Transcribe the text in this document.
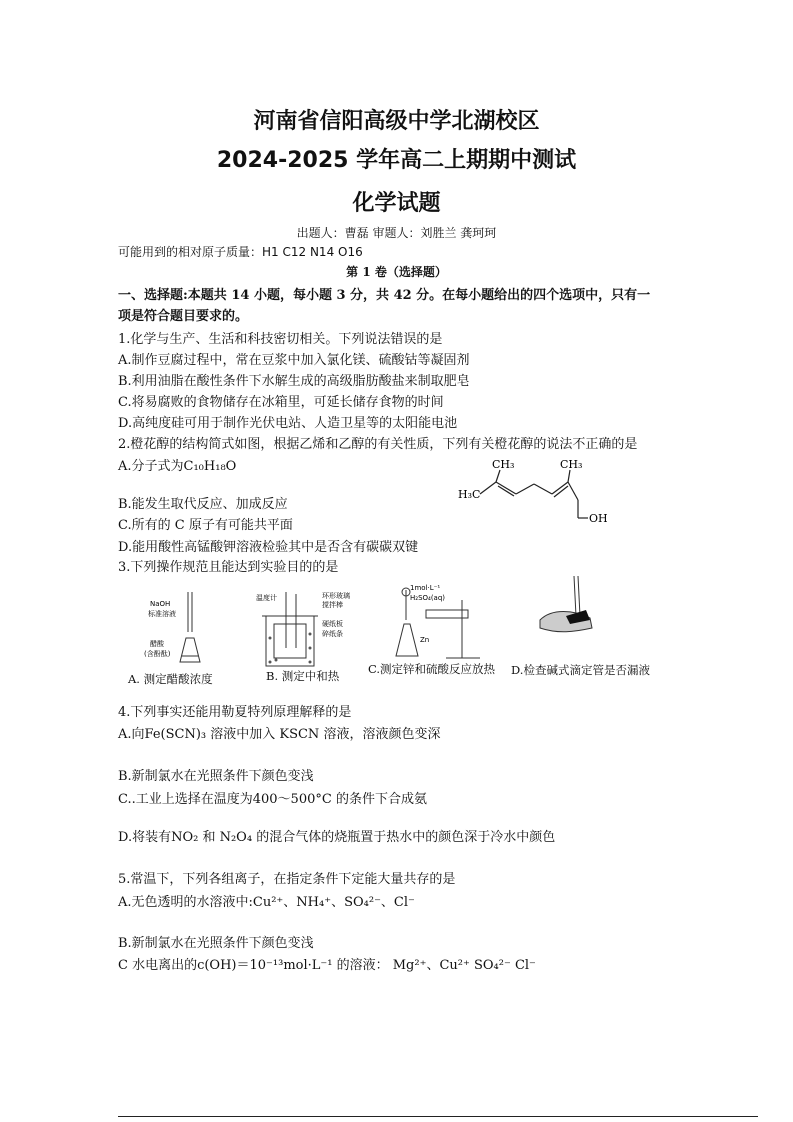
河南省信阳高级中学北湖校区
2024-2025 学年高二上期期中测试
化学试题
出题人：曹磊 审题人：刘胜兰 龚珂珂
可能用到的相对原子质量：H1 C12 N14 O16
第 1 卷（选择题）
一、选择题:本题共 14 小题，每小题 3 分，共 42 分。在每小题给出的四个选项中，只有一
项是符合题目要求的。
1.化学与生产、生活和科技密切相关。下列说法错误的是
A.制作豆腐过程中，常在豆浆中加入氯化镁、硫酸钴等凝固剂
B.利用油脂在酸性条件下水解生成的高级脂肪酸盐来制取肥皂
C.将易腐败的食物储存在冰箱里，可延长储存食物的时间
D.高纯度硅可用于制作光伏电站、人造卫星等的太阳能电池
2.橙花醇的结构简式如图，根据乙烯和乙醇的有关性质，下列有关橙花醇的说法不正确的是
A.分子式为C₁₀H₁₈O
B.能发生取代反应、加成反应
C.所有的 C 原子有可能共平面
D.能用酸性高锰酸钾溶液检验其中是否含有碳碳双键
CH₃	CH₃
H₃C
OH
3.下列操作规范且能达到实验目的的是
NaOH
标准溶液
醋酸
(含酚酞)
A. 测定醋酸浓度
温度计	环形玻璃
搅拌棒
硬纸板
碎纸条
B. 测定中和热
1mol·L⁻¹
H₂SO₄(aq)
Zn
C.测定锌和硫酸反应放热 D.检查碱式滴定管是否漏液
4.下列事实还能用勒夏特列原理解释的是
A.向Fe(SCN)₃ 溶液中加入 KSCN 溶液，溶液颜色变深
B.新制氯水在光照条件下颜色变浅
C..工业上选择在温度为400～500°C 的条件下合成氨
D.将装有NO₂ 和 N₂O₄ 的混合气体的烧瓶置于热水中的颜色深于冷水中颜色
5.常温下，下列各组离子，在指定条件下定能大量共存的是
A.无色透明的水溶液中:Cu²⁺、NH₄⁺、SO₄²⁻、Cl⁻
B.新制氯水在光照条件下颜色变浅
C 水电离出的c(OH)＝10⁻¹³mol·L⁻¹ 的溶液： Mg²⁺、Cu²⁺ SO₄²⁻ Cl⁻
